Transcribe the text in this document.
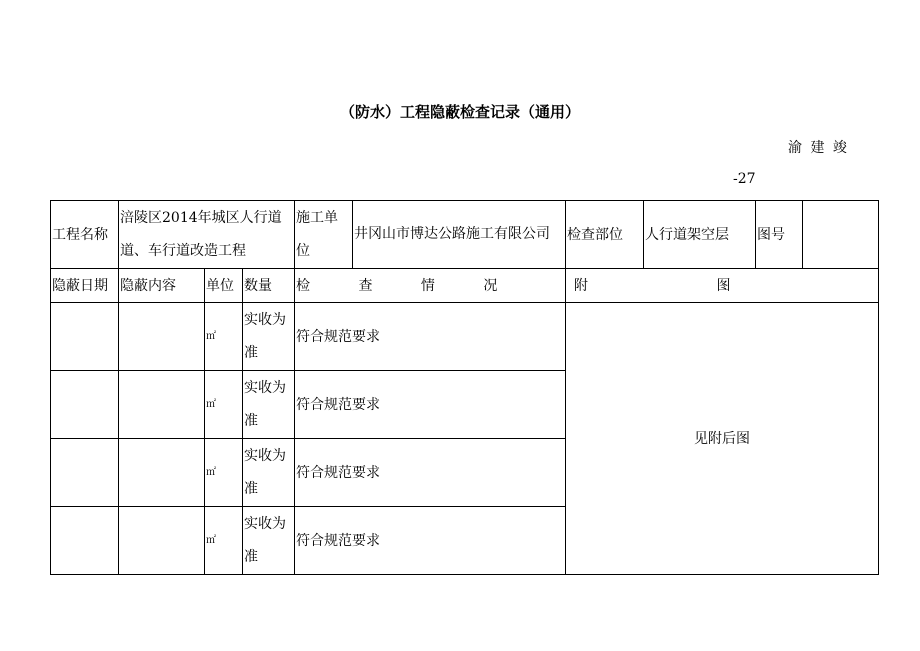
（防水）工程隐蔽检查记录（通用）
渝 建 竣
-27
工程名称	涪陵区2014年城区人行道道、车行道改造工程			施工单位	井冈山市博达公路施工有限公司	检查部位	人行道架空层	图号	
隐蔽日期	隐蔽内容	单位	数量	检 查 情 况		附 图			
		㎡	实收为准	符合规范要求		见附后图			
		㎡	实收为准	符合规范要求					
		㎡	实收为准	符合规范要求					
		㎡	实收为准	符合规范要求					
